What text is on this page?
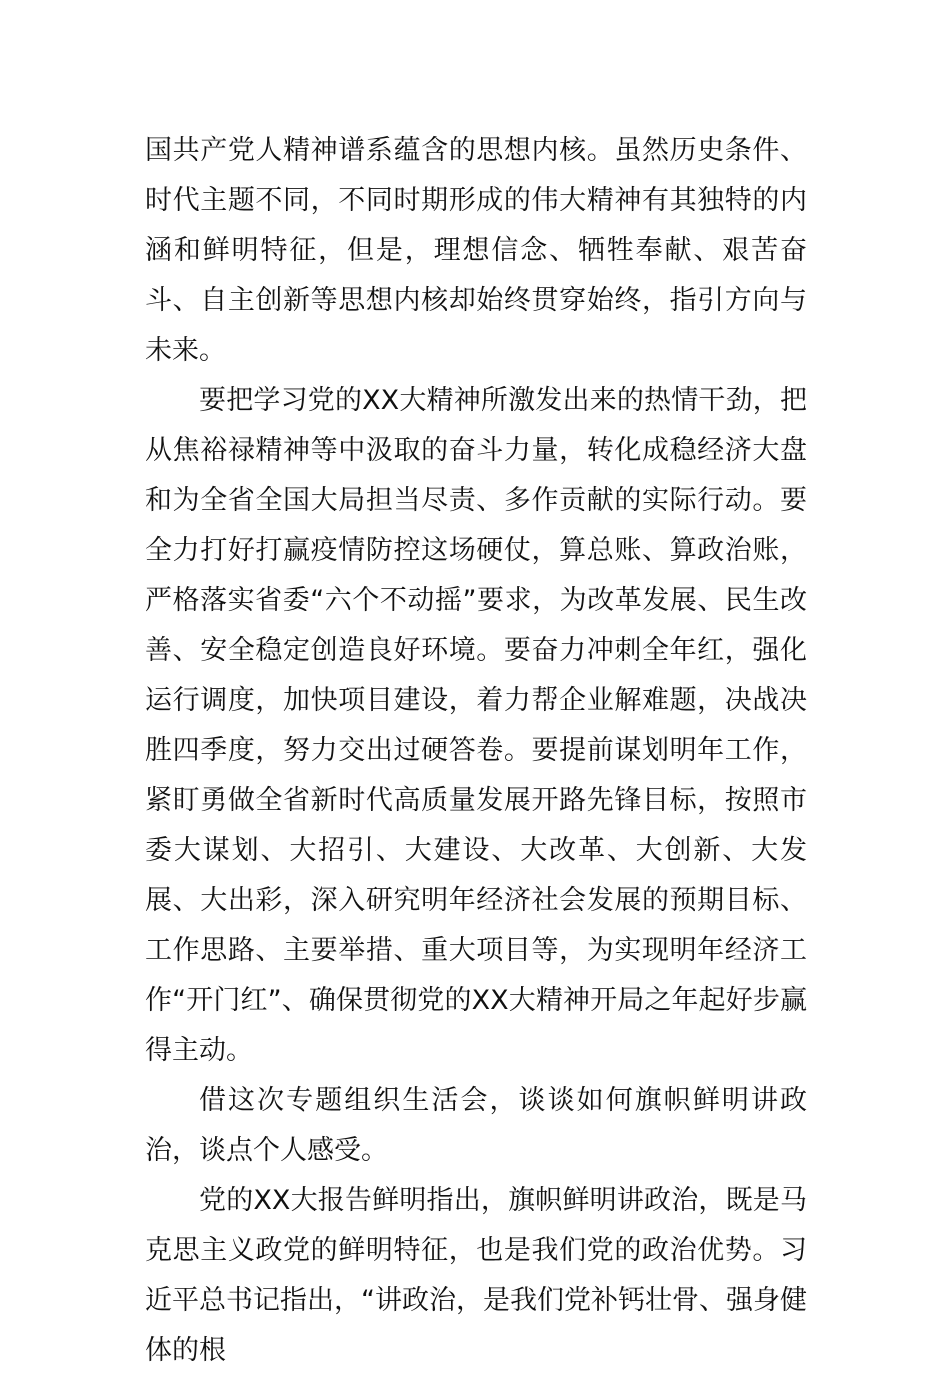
国共产党人精神谱系蕴含的思想内核。虽然历史条件、时代主题不同，不同时期形成的伟大精神有其独特的内涵和鲜明特征，但是，理想信念、牺牲奉献、艰苦奋斗、自主创新等思想内核却始终贯穿始终，指引方向与未来。

要把学习党的XX大精神所激发出来的热情干劲，把从焦裕禄精神等中汲取的奋斗力量，转化成稳经济大盘和为全省全国大局担当尽责、多作贡献的实际行动。要全力打好打赢疫情防控这场硬仗，算总账、算政治账，严格落实省委“六个不动摇”要求，为改革发展、民生改善、安全稳定创造良好环境。要奋力冲刺全年红，强化运行调度，加快项目建设，着力帮企业解难题，决战决胜四季度，努力交出过硬答卷。要提前谋划明年工作，紧盯勇做全省新时代高质量发展开路先锋目标，按照市委大谋划、大招引、大建设、大改革、大创新、大发展、大出彩，深入研究明年经济社会发展的预期目标、工作思路、主要举措、重大项目等，为实现明年经济工作“开门红”、确保贯彻党的XX大精神开局之年起好步赢得主动。

借这次专题组织生活会，谈谈如何旗帜鲜明讲政治，谈点个人感受。

党的XX大报告鲜明指出，旗帜鲜明讲政治，既是马克思主义政党的鲜明特征，也是我们党的政治优势。习近平总书记指出，“讲政治，是我们党补钙壮骨、强身健体的根
